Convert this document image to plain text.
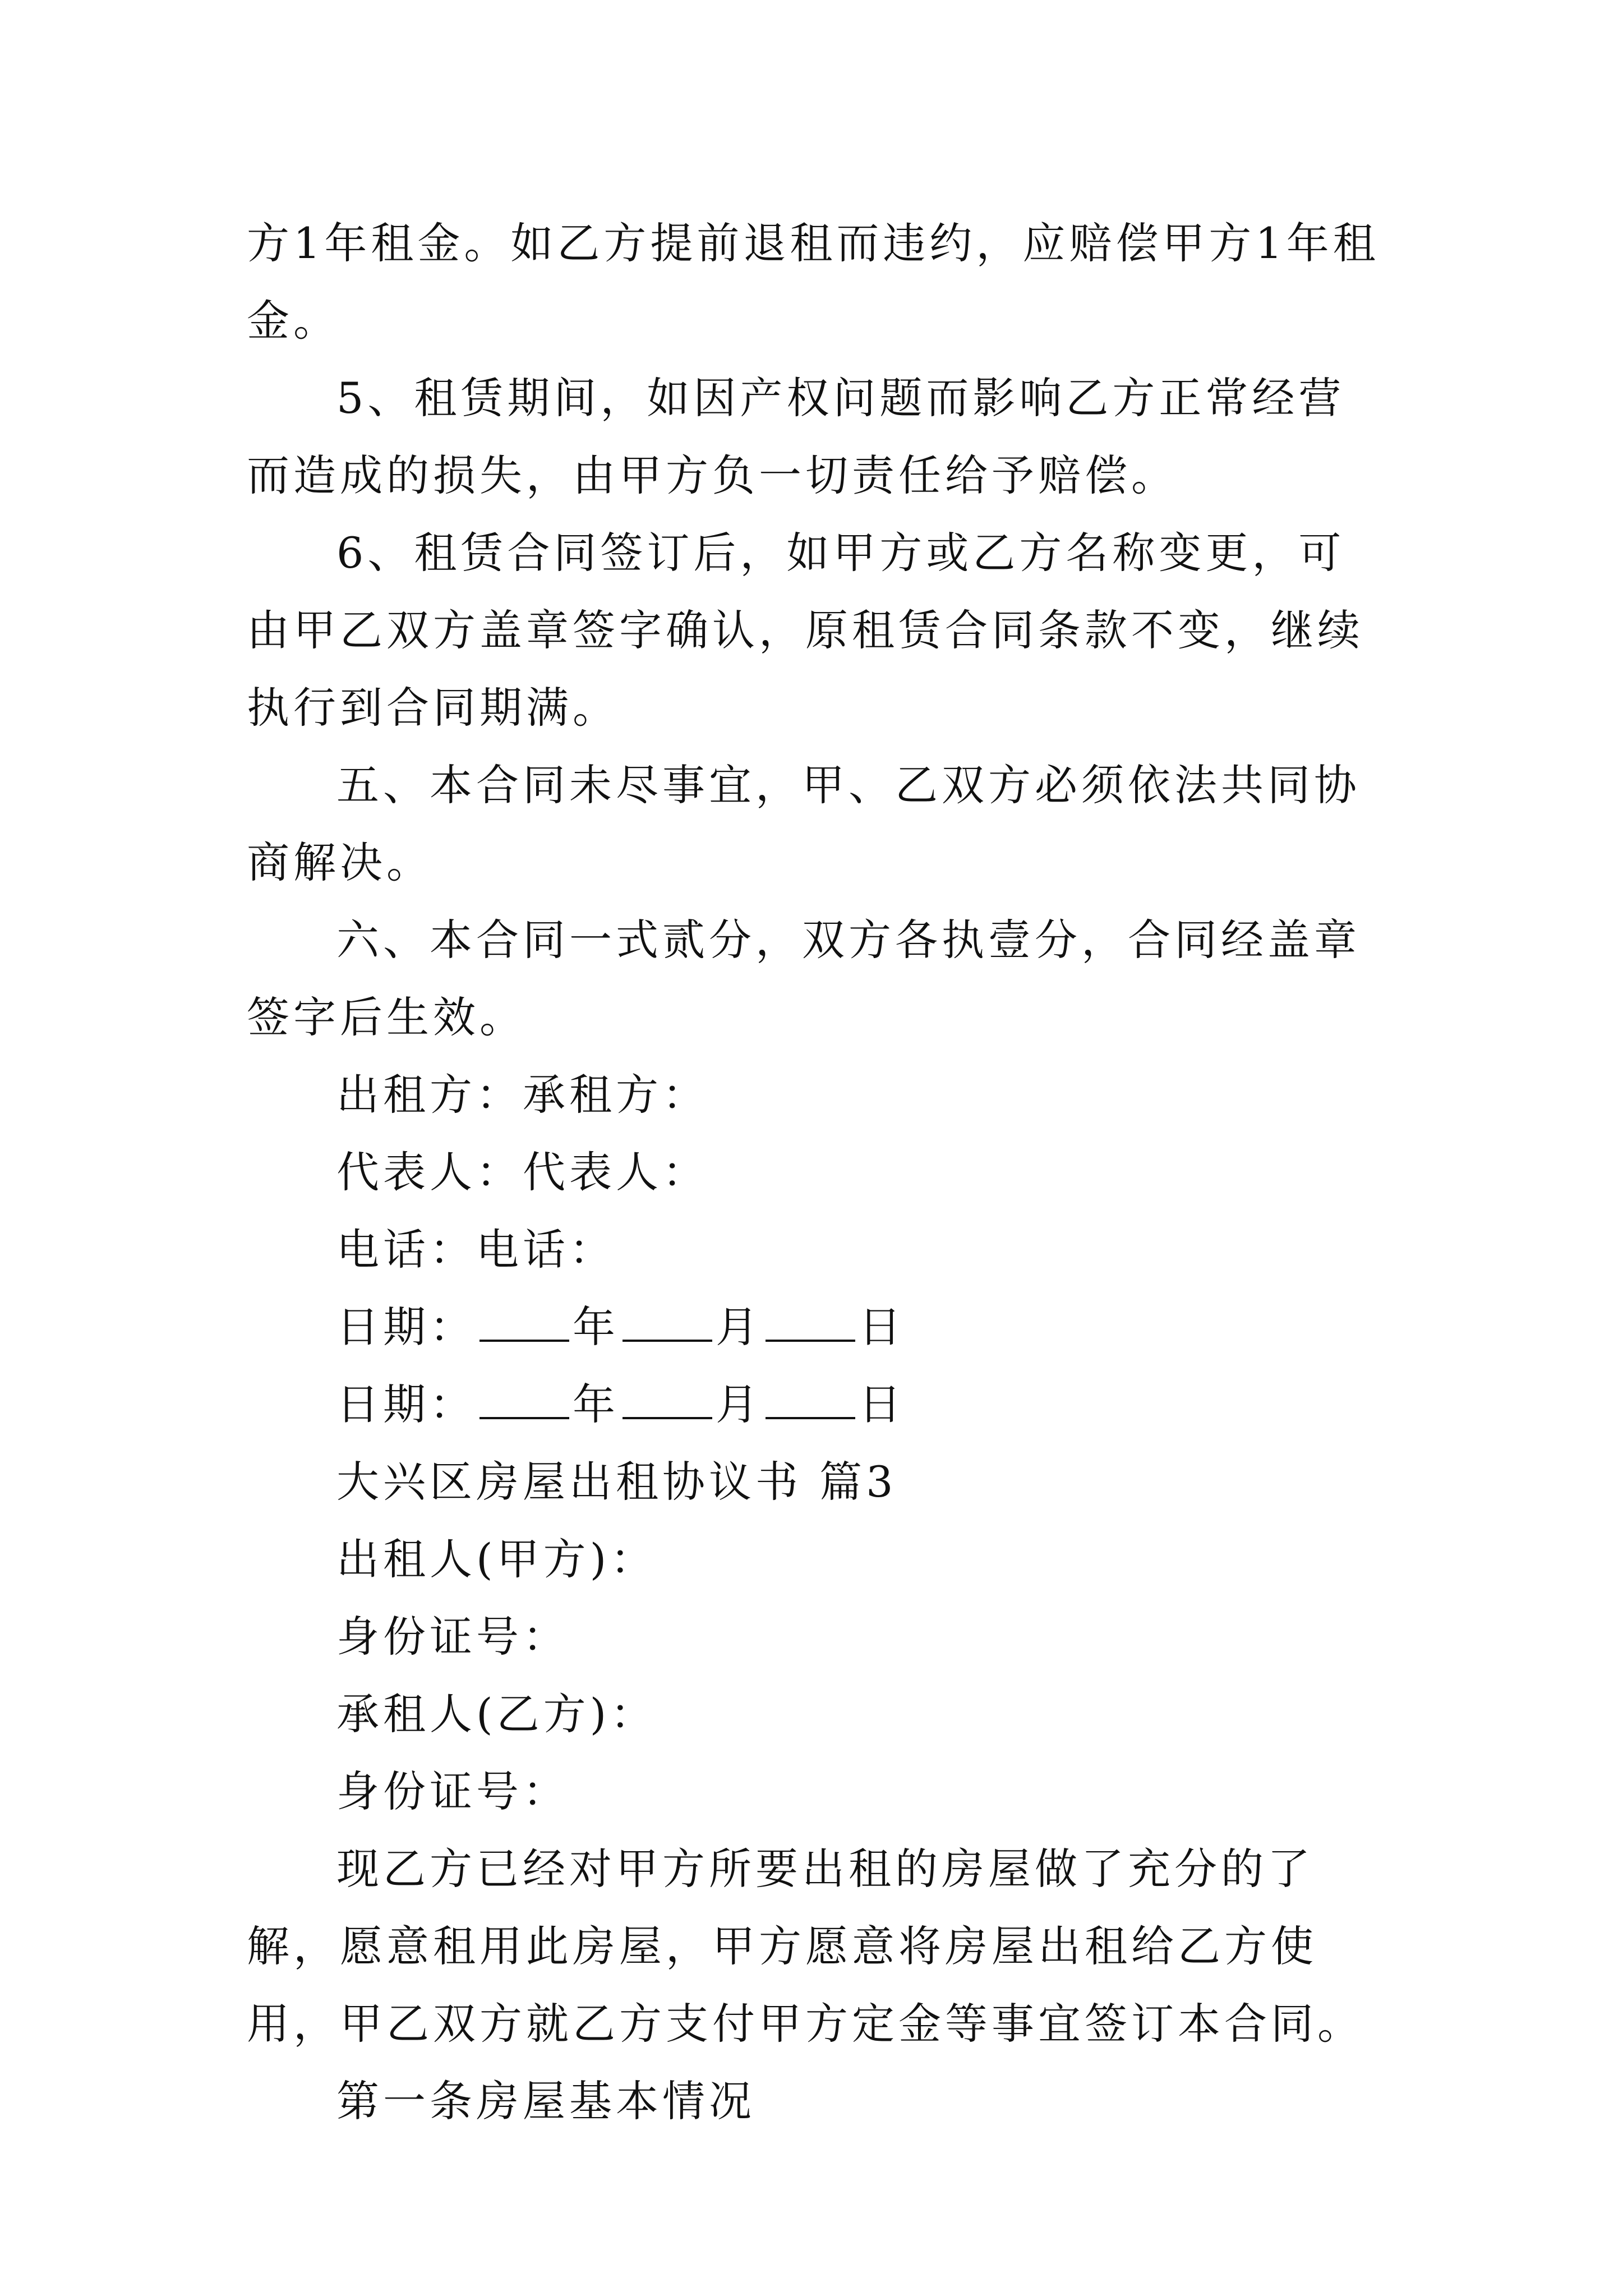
方1年租金。如乙方提前退租而违约，应赔偿甲方1年租金。

5、租赁期间，如因产权问题而影响乙方正常经营而造成的损失，由甲方负一切责任给予赔偿。

6、租赁合同签订后，如甲方或乙方名称变更，可由甲乙双方盖章签字确认，原租赁合同条款不变，继续执行到合同期满。

五、本合同未尽事宜，甲、乙双方必须依法共同协商解决。

六、本合同一式贰分，双方各执壹分，合同经盖章签字后生效。

出租方：承租方：

代表人：代表人：

电话：电话：

日期： 年 月 日

日期： 年 月 日

大兴区房屋出租协议书 篇3

出租人(甲方)：

身份证号：

承租人(乙方)：

身份证号：

现乙方已经对甲方所要出租的房屋做了充分的了解，愿意租用此房屋，甲方愿意将房屋出租给乙方使用，甲乙双方就乙方支付甲方定金等事宜签订本合同。

第一条房屋基本情况
